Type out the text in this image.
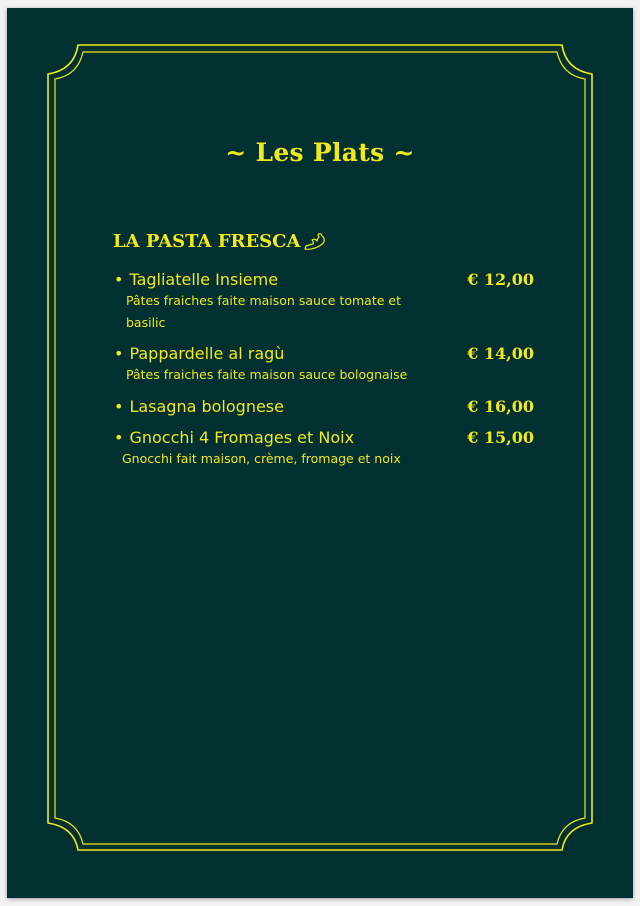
~ Les Plats ~
LA PASTA FRESCA
• Tagliatelle Insieme	€ 12,00
Pâtes fraiches faite maison sauce tomate et basilic
• Pappardelle al ragù	€ 14,00
Pâtes fraiches faite maison sauce bolognaise
• Lasagna bolognese	€ 16,00
• Gnocchi 4 Fromages et Noix	€ 15,00
Gnocchi fait maison, crème, fromage et noix
